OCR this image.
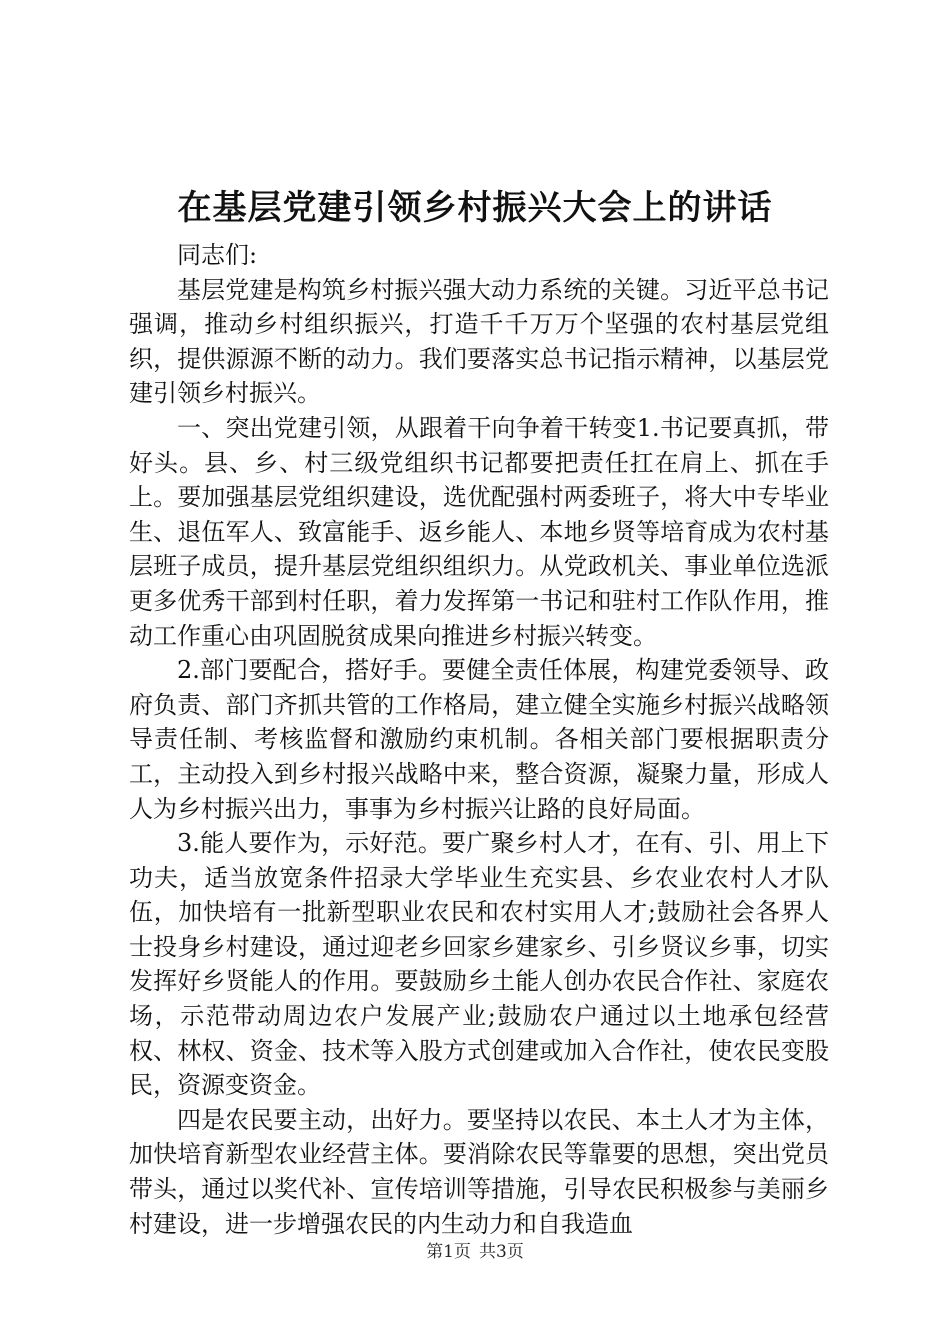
在基层党建引领乡村振兴大会上的讲话

同志们:

基层党建是构筑乡村振兴强大动力系统的关键。习近平总书记强调，推动乡村组织振兴，打造千千万万个坚强的农村基层党组织，提供源源不断的动力。我们要落实总书记指示精神，以基层党建引领乡村振兴。

一、突出党建引领，从跟着干向争着干转变1.书记要真抓，带好头。县、乡、村三级党组织书记都要把责任扛在肩上、抓在手上。要加强基层党组织建设，选优配强村两委班子，将大中专毕业生、退伍军人、致富能手、返乡能人、本地乡贤等培育成为农村基层班子成员，提升基层党组织组织力。从党政机关、事业单位选派更多优秀干部到村任职，着力发挥第一书记和驻村工作队作用，推动工作重心由巩固脱贫成果向推进乡村振兴转变。

2.部门要配合，搭好手。要健全责任体展，构建党委领导、政府负责、部门齐抓共管的工作格局，建立健全实施乡村振兴战略领导责任制、考核监督和激励约束机制。各相关部门要根据职责分工，主动投入到乡村报兴战略中来，整合资源，凝聚力量，形成人人为乡村振兴出力，事事为乡村振兴让路的良好局面。

3.能人要作为，示好范。要广聚乡村人才，在有、引、用上下功夫，适当放宽条件招录大学毕业生充实县、乡农业农村人才队伍，加快培有一批新型职业农民和农村实用人才;鼓励社会各界人士投身乡村建设，通过迎老乡回家乡建家乡、引乡贤议乡事，切实发挥好乡贤能人的作用。要鼓励乡土能人创办农民合作社、家庭农场，示范带动周边农户发展产业;鼓励农户通过以土地承包经营权、林权、资金、技术等入股方式创建或加入合作社，使农民变股民，资源变资金。

四是农民要主动，出好力。要坚持以农民、本土人才为主体，加快培育新型农业经营主体。要消除农民等靠要的思想，突出党员带头，通过以奖代补、宣传培训等措施，引导农民积极参与美丽乡村建设，进一步增强农民的内生动力和自我造血

第1页 共3页
